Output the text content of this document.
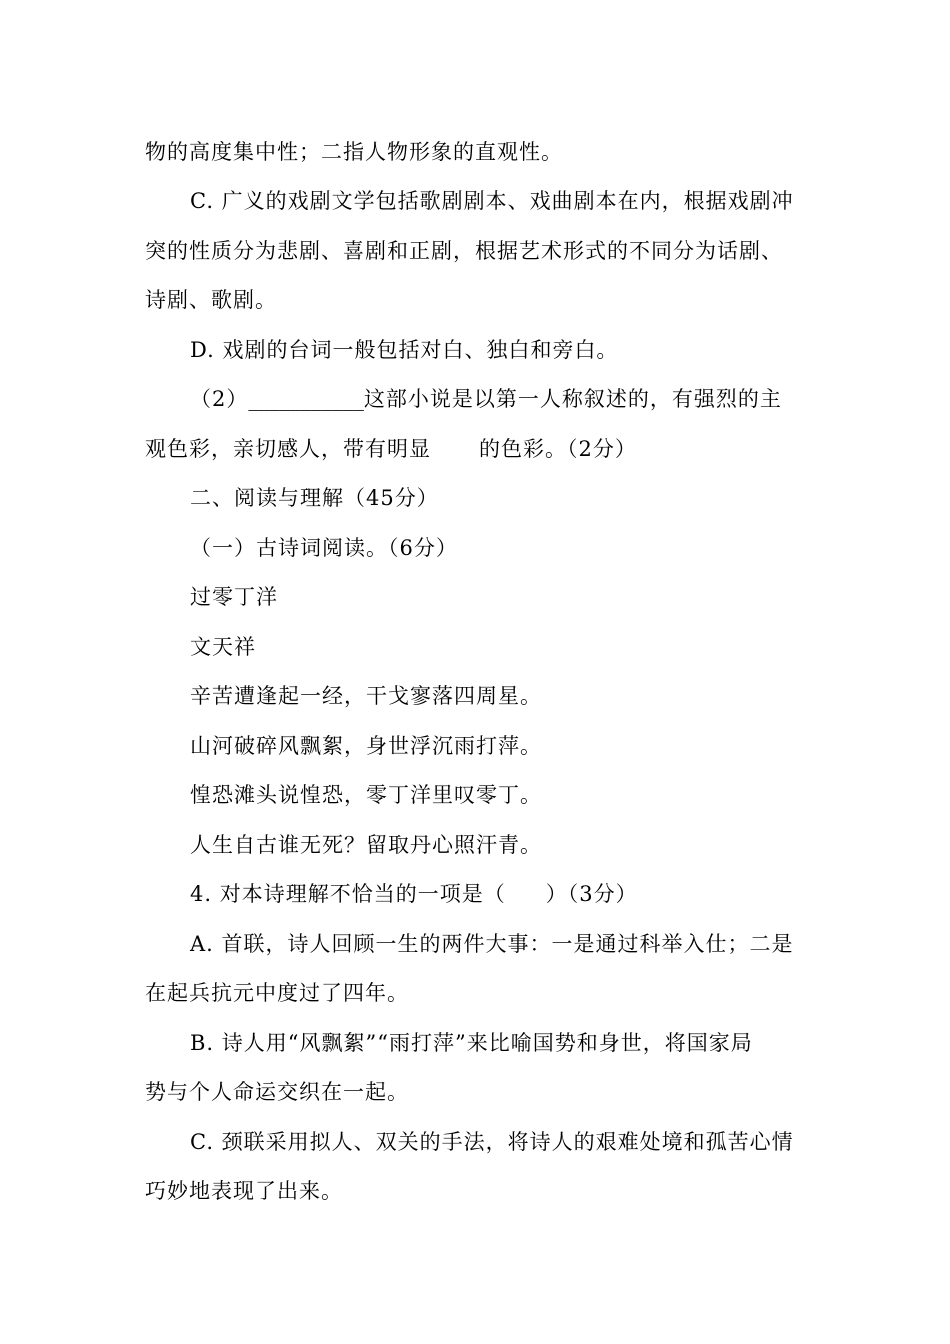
物的高度集中性；二指人物形象的直观性。
C. 广义的戏剧文学包括歌剧剧本、戏曲剧本在内，根据戏剧冲
突的性质分为悲剧、喜剧和正剧，根据艺术形式的不同分为话剧、
诗剧、歌剧。
D. 戏剧的台词一般包括对白、独白和旁白。
（2）___________这部小说是以第一人称叙述的，有强烈的主
观色彩，亲切感人，带有明显 的色彩。（2分）
二、阅读与理解（45分）
（一）古诗词阅读。（6分）
过零丁洋
文天祥
辛苦遭逢起一经，干戈寥落四周星。
山河破碎风飘絮，身世浮沉雨打萍。
惶恐滩头说惶恐，零丁洋里叹零丁。
人生自古谁无死？留取丹心照汗青。
4. 对本诗理解不恰当的一项是（ ）（3分）
A. 首联，诗人回顾一生的两件大事：一是通过科举入仕；二是
在起兵抗元中度过了四年。
B. 诗人用“风飘絮”“雨打萍”来比喻国势和身世，将国家局
势与个人命运交织在一起。
C. 颈联采用拟人、双关的手法，将诗人的艰难处境和孤苦心情
巧妙地表现了出来。
